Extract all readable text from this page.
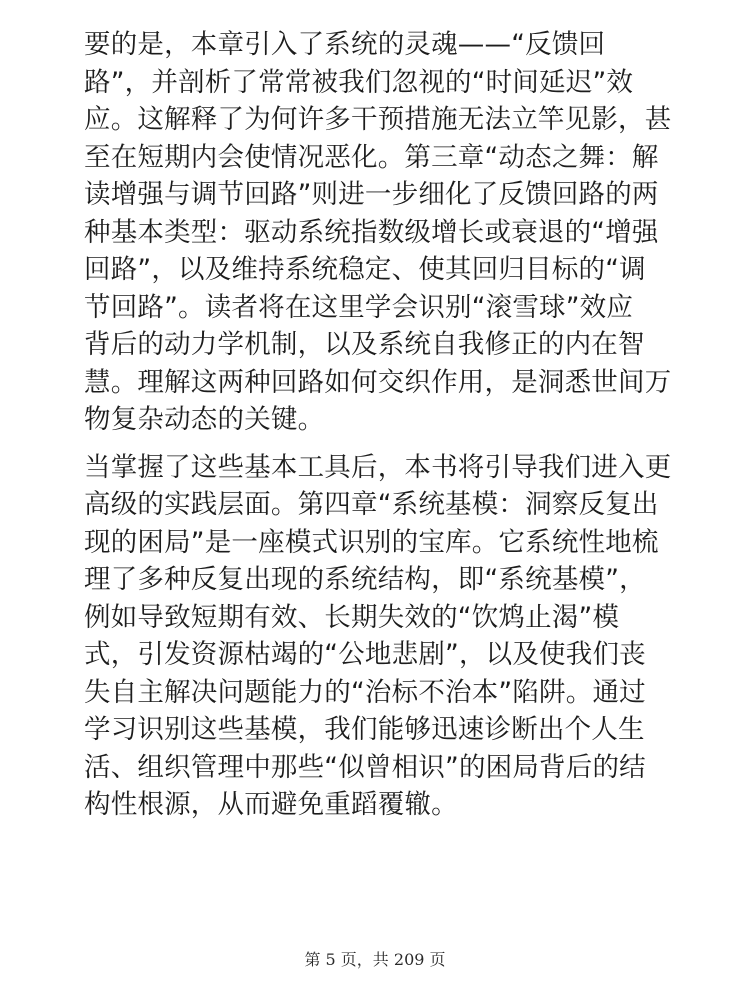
要的是，本章引入了系统的灵魂——“反馈回
路”，并剖析了常常被我们忽视的“时间延迟”效
应。这解释了为何许多干预措施无法立竿见影，甚
至在短期内会使情况恶化。第三章“动态之舞：解
读增强与调节回路”则进一步细化了反馈回路的两
种基本类型：驱动系统指数级增长或衰退的“增强
回路”，以及维持系统稳定、使其回归目标的“调
节回路”。读者将在这里学会识别“滚雪球”效应
背后的动力学机制，以及系统自我修正的内在智
慧。理解这两种回路如何交织作用，是洞悉世间万
物复杂动态的关键。
当掌握了这些基本工具后，本书将引导我们进入更
高级的实践层面。第四章“系统基模：洞察反复出
现的困局”是一座模式识别的宝库。它系统性地梳
理了多种反复出现的系统结构，即“系统基模”，
例如导致短期有效、长期失效的“饮鸩止渴”模
式，引发资源枯竭的“公地悲剧”，以及使我们丧
失自主解决问题能力的“治标不治本”陷阱。通过
学习识别这些基模，我们能够迅速诊断出个人生
活、组织管理中那些“似曾相识”的困局背后的结
构性根源，从而避免重蹈覆辙。
第 5 页，共 209 页
